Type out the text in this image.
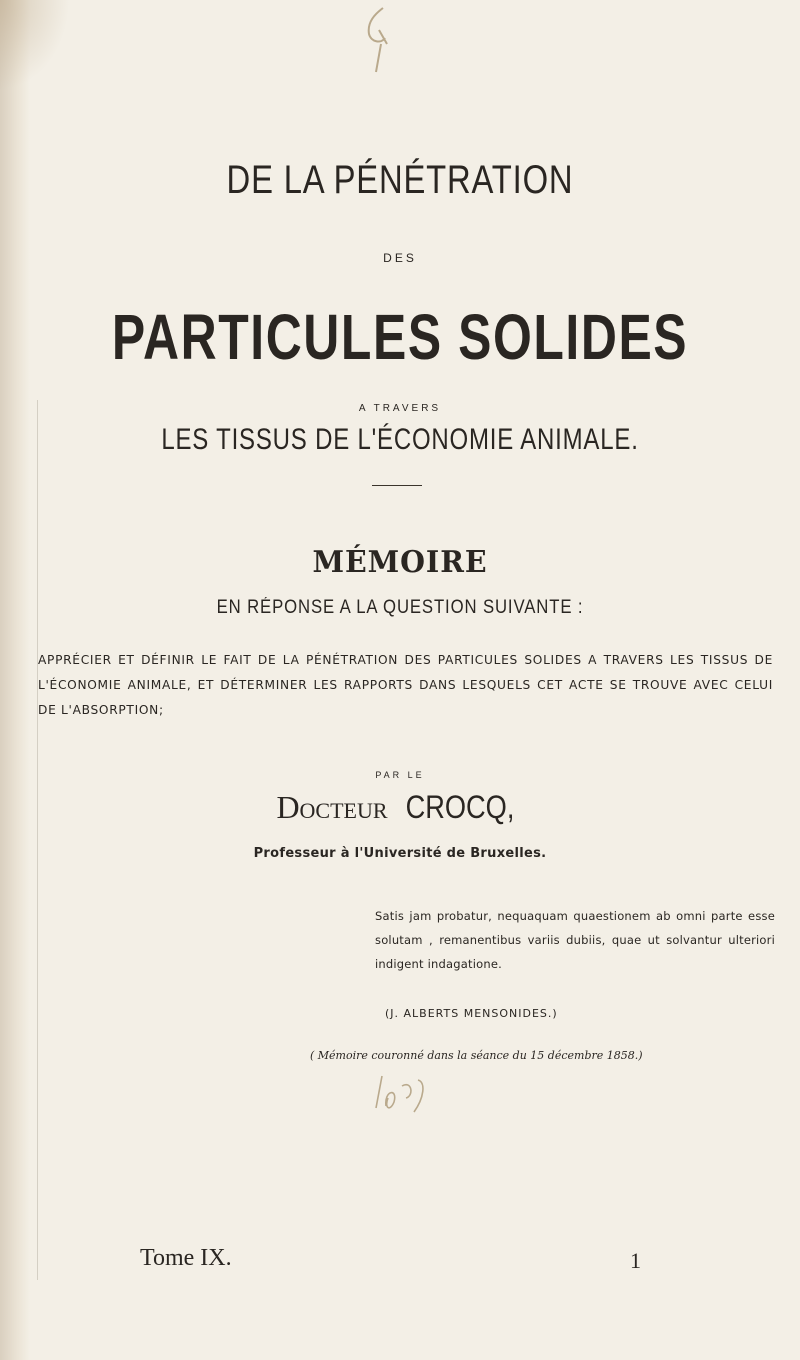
DE LA PÉNÉTRATION
DES
PARTICULES SOLIDES
A TRAVERS
LES TISSUS DE L'ÉCONOMIE ANIMALE.
MÉMOIRE
EN RÉPONSE A LA QUESTION SUIVANTE :
APPRÉCIER ET DÉFINIR LE FAIT DE LA PÉNÉTRATION DES PARTICULES SOLIDES A TRAVERS LES TISSUS DE L'ÉCONOMIE ANIMALE, ET DÉTERMINER LES RAPPORTS DANS LESQUELS CET ACTE SE TROUVE AVEC CELUI DE L'ABSORPTION;
PAR LE
Docteur CROCQ,
Professeur à l'Université de Bruxelles.
Satis jam probatur, nequaquam quaestionem ab omni parte esse solutam , remanentibus variis dubiis, quae ut solvantur ulteriori indigent indagatione.
(J. ALBERTS MENSONIDES.)
( Mémoire couronné dans la séance du 15 décembre 1858.)
Tome IX.	1
